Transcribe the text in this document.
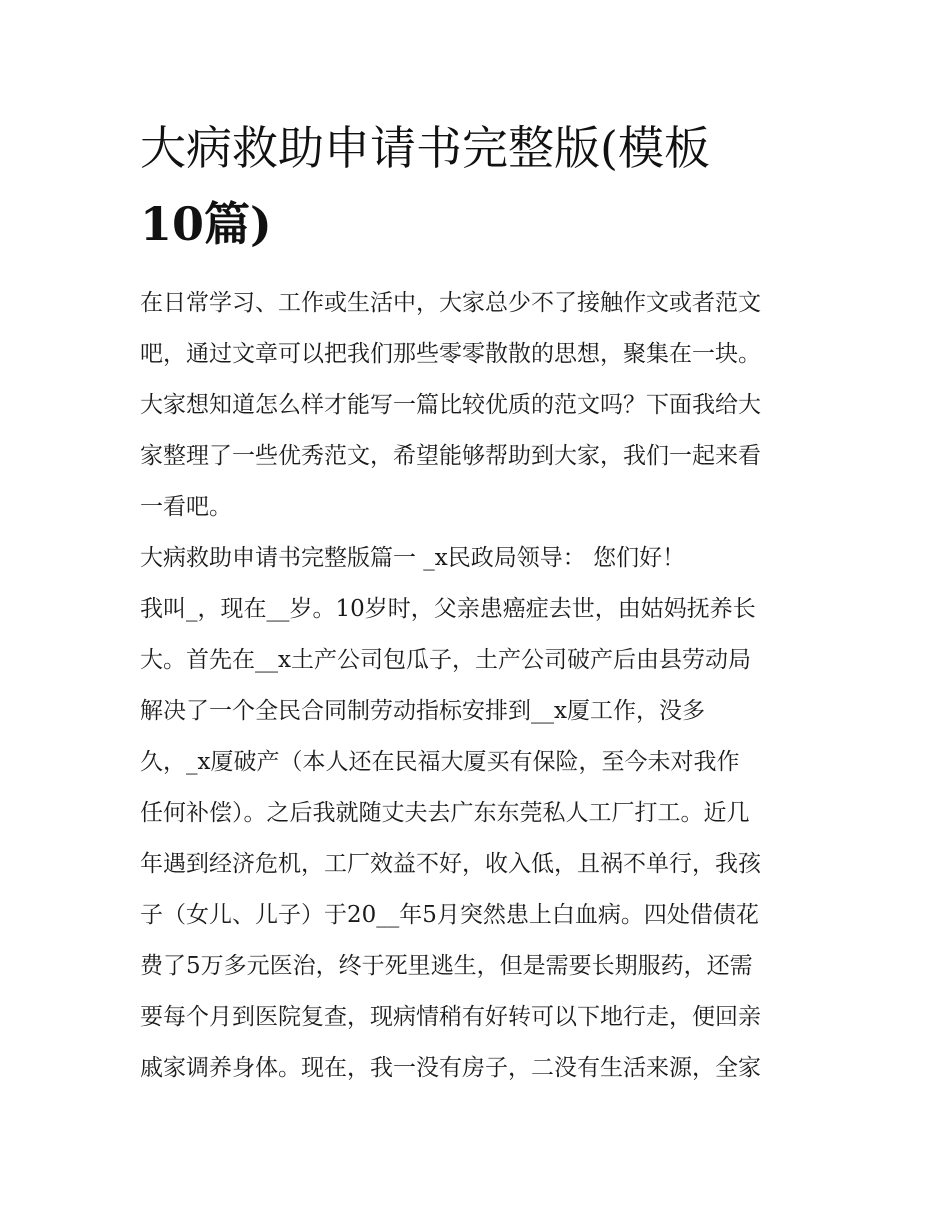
大病救助申请书完整版(模板
10篇)
在日常学习、工作或生活中，大家总少不了接触作文或者范文
吧，通过文章可以把我们那些零零散散的思想，聚集在一块。
大家想知道怎么样才能写一篇比较优质的范文吗？下面我给大
家整理了一些优秀范文，希望能够帮助到大家，我们一起来看
一看吧。
大病救助申请书完整版篇一 _x民政局领导： 您们好！
我叫_，现在__岁。10岁时，父亲患癌症去世，由姑妈抚养长
大。首先在__x土产公司包瓜子，土产公司破产后由县劳动局
解决了一个全民合同制劳动指标安排到__x厦工作，没多
久，_x厦破产（本人还在民福大厦买有保险，至今未对我作
任何补偿）。之后我就随丈夫去广东东莞私人工厂打工。近几
年遇到经济危机，工厂效益不好，收入低，且祸不单行，我孩
子（女儿、儿子）于20__年5月突然患上白血病。四处借债花
费了5万多元医治，终于死里逃生，但是需要长期服药，还需
要每个月到医院复查，现病情稍有好转可以下地行走，便回亲
戚家调养身体。现在，我一没有房子，二没有生活来源，全家
